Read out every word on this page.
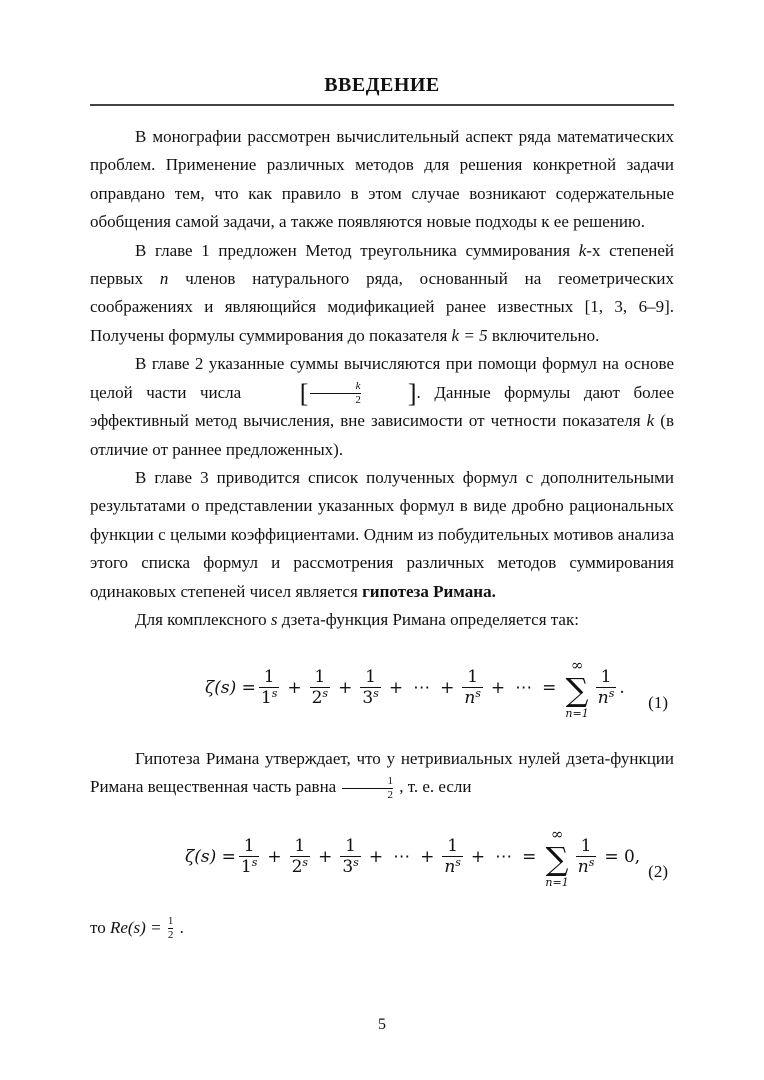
ВВЕДЕНИЕ

В монографии рассмотрен вычислительный аспект ряда математических проблем. Применение различных методов для решения конкретной задачи оправдано тем, что как правило в этом случае возникают содержательные обобщения самой задачи, а также появляются новые подходы к ее решению.

В главе 1 предложен Метод треугольника суммирования k-х степеней первых n членов натурального ряда, основанный на геометрических соображениях и являющийся модификацией ранее известных [1, 3, 6–9]. Получены формулы суммирования до показателя k = 5 включительно.

В главе 2 указанные суммы вычисляются при помощи формул на основе целой части числа	[ $\frac{k}{2}$	] . Данные формулы дают более эффективный метод вычисления, вне зависимости от четности показателя k (в отличие от раннее предложенных).

В главе 3 приводится список полученных формул с дополнительными результатами о представлении указанных формул в виде дробно рациональных функции с целыми коэффициентами. Одним из побудительных мотивов анализа этого списка формул и рассмотрения различных методов суммирования одинаковых степеней чисел является гипотеза Римана.

Для комплексного s дзета-функция Римана определяется так:

$\zeta(s) = \frac{1}{1^s} + \frac{1}{2^s} + \frac{1}{3^s}$ + ⋯ + $\frac{1}{n^s}$ + ⋯ =
∞
∑
n=1
$\frac{1}{n^s}$ .
(1)

Гипотеза Римана утверждает, что у нетривиальных нулей дзета-функции Римана вещественная часть равна $\frac{1}{2}$ , т. е. если

$\zeta(s) = \frac{1}{1^s} + \frac{1}{2^s} + \frac{1}{3^s}$ + ⋯ + $\frac{1}{n^s}$ + ⋯ =
∞
∑
n=1
$\frac{1}{n^s} = 0$,
(2)

то $Re(s) = \frac{1}{2}$ .

5
